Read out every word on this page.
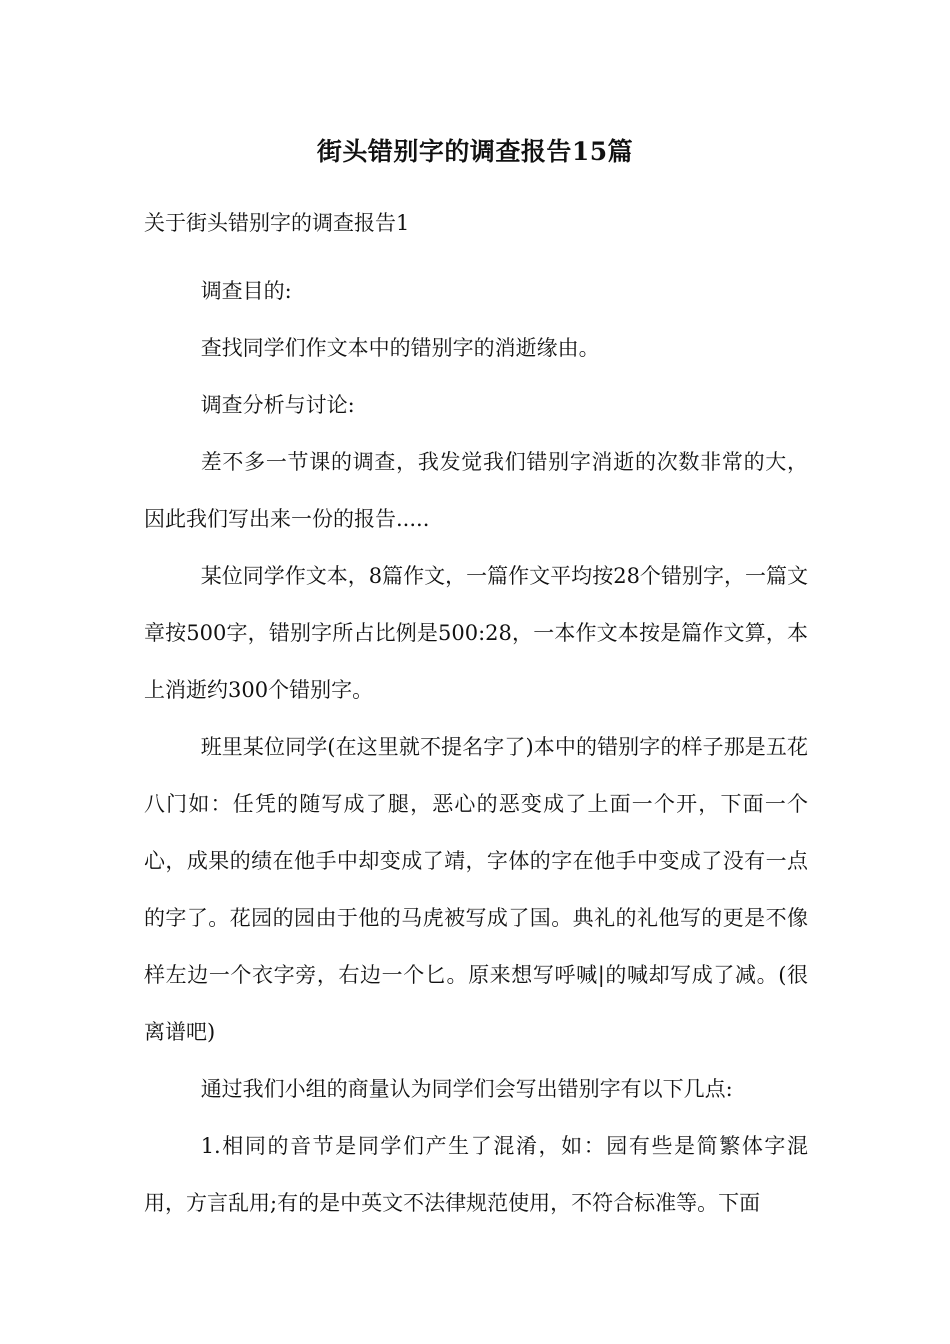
街头错别字的调查报告15篇
关于街头错别字的调查报告1

调查目的:

查找同学们作文本中的错别字的消逝缘由。

调查分析与讨论:

差不多一节课的调查，我发觉我们错别字消逝的次数非常的大，因此我们写出来一份的报告.....

某位同学作文本，8篇作文，一篇作文平均按28个错别字，一篇文章按500字，错别字所占比例是500:28，一本作文本按是篇作文算，本上消逝约300个错别字。

班里某位同学(在这里就不提名字了)本中的错别字的样子那是五花八门如：任凭的随写成了腿，恶心的恶变成了上面一个开，下面一个心，成果的绩在他手中却变成了靖，字体的字在他手中变成了没有一点的字了。花园的园由于他的马虎被写成了国。典礼的礼他写的更是不像样左边一个衣字旁，右边一个匕。原来想写呼喊|的喊却写成了减。(很离谱吧)

通过我们小组的商量认为同学们会写出错别字有以下几点:

1.相同的音节是同学们产生了混淆，如：园有些是简繁体字混用，方言乱用;有的是中英文不法律规范使用，不符合标准等。下面
